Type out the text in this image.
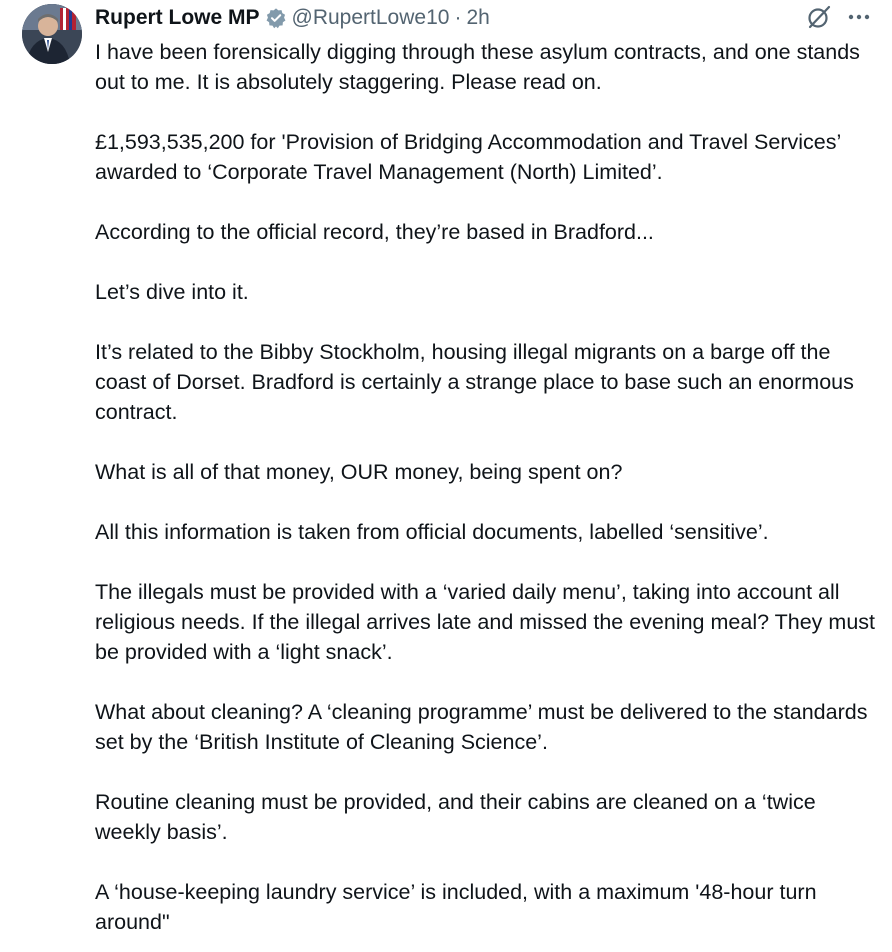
Rupert Lowe MP @RupertLowe10 · 2h

I have been forensically digging through these asylum contracts, and one stands out to me. It is absolutely staggering. Please read on.

£1,593,535,200 for 'Provision of Bridging Accommodation and Travel Services’ awarded to ‘Corporate Travel Management (North) Limited’.

According to the official record, they’re based in Bradford...

Let’s dive into it.

It’s related to the Bibby Stockholm, housing illegal migrants on a barge off the coast of Dorset. Bradford is certainly a strange place to base such an enormous contract.

What is all of that money, OUR money, being spent on?

All this information is taken from official documents, labelled ‘sensitive’.

The illegals must be provided with a ‘varied daily menu’, taking into account all religious needs. If the illegal arrives late and missed the evening meal? They must be provided with a ‘light snack’.

What about cleaning? A ‘cleaning programme’ must be delivered to the standards set by the ‘British Institute of Cleaning Science’.

Routine cleaning must be provided, and their cabins are cleaned on a ‘twice weekly basis’.

A ‘house-keeping laundry service’ is included, with a maximum '48-hour turn around"
